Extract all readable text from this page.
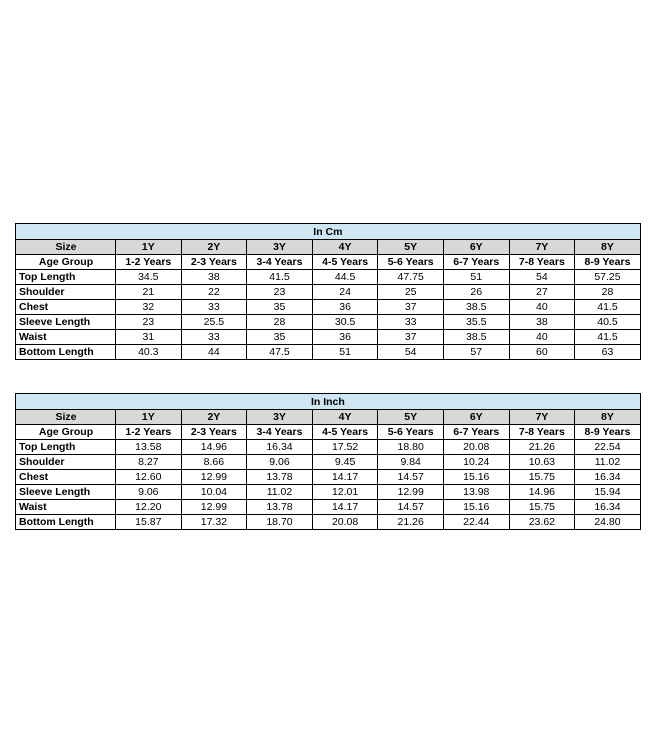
In Cm								
Size	1Y	2Y	3Y	4Y	5Y	6Y	7Y	8Y
Age Group	1-2 Years	2-3 Years	3-4 Years	4-5 Years	5-6 Years	6-7 Years	7-8 Years	8-9 Years
Top Length	34.5	38	41.5	44.5	47.75	51	54	57.25
Shoulder	21	22	23	24	25	26	27	28
Chest	32	33	35	36	37	38.5	40	41.5
Sleeve Length	23	25.5	28	30.5	33	35.5	38	40.5
Waist	31	33	35	36	37	38.5	40	41.5
Bottom Length	40.3	44	47.5	51	54	57	60	63
In Inch								
Size	1Y	2Y	3Y	4Y	5Y	6Y	7Y	8Y
Age Group	1-2 Years	2-3 Years	3-4 Years	4-5 Years	5-6 Years	6-7 Years	7-8 Years	8-9 Years
Top Length	13.58	14.96	16.34	17.52	18.80	20.08	21.26	22.54
Shoulder	8.27	8.66	9.06	9.45	9.84	10.24	10.63	11.02
Chest	12.60	12.99	13.78	14.17	14.57	15.16	15.75	16.34
Sleeve Length	9.06	10.04	11.02	12.01	12.99	13.98	14.96	15.94
Waist	12.20	12.99	13.78	14.17	14.57	15.16	15.75	16.34
Bottom Length	15.87	17.32	18.70	20.08	21.26	22.44	23.62	24.80
